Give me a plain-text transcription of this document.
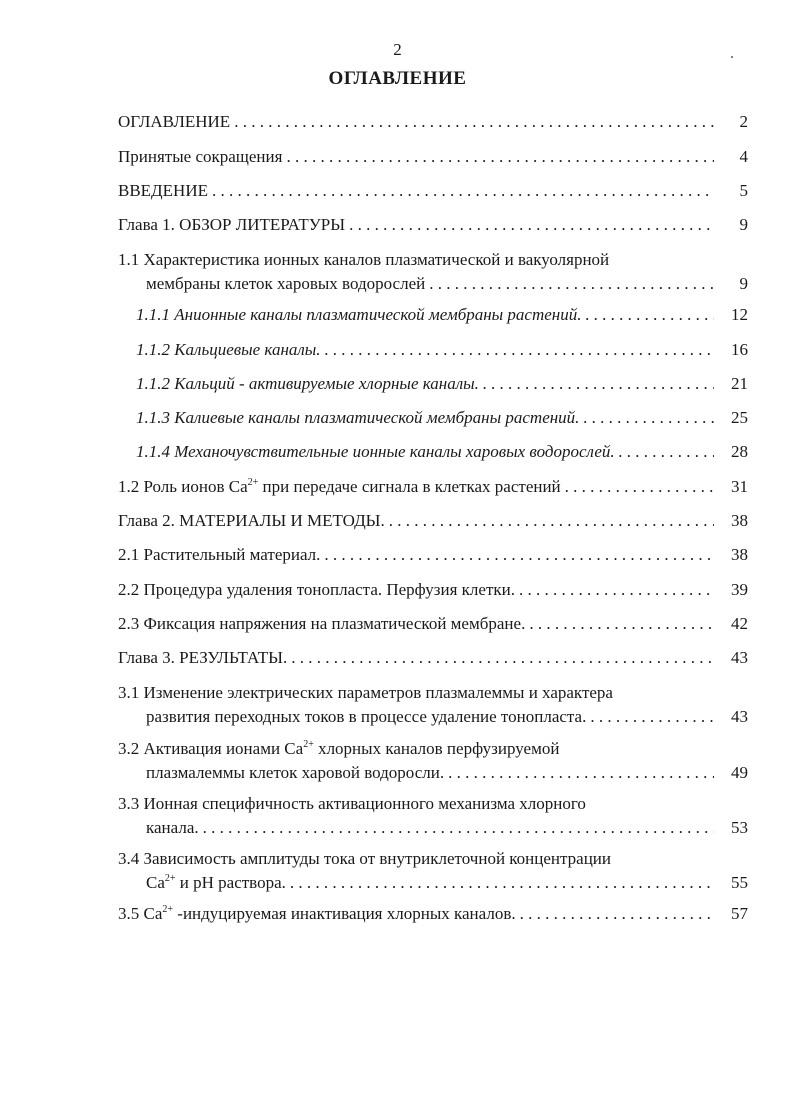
2
ОГЛАВЛЕНИЕ
ОГЛАВЛЕНИЕ . . .	2
Принятые сокращения . . .	4
ВВЕДЕНИЕ . . .	5
Глава 1. ОБЗОР ЛИТЕРАТУРЫ . . .	9
1.1 Характеристика ионных каналов плазматической и вакуолярной
мембраны клеток харовых водорослей . . .	9
1.1.1 Анионные каналы плазматической мембраны растений. . . .	12
1.1.2 Кальциевые каналы. . . .	16
1.1.2 Кальций - активируемые хлорные каналы. . . .	21
1.1.3 Калиевые каналы плазматической мембраны растений. . . .	25
1.1.4 Механочувствительные ионные каналы харовых водорослей. . . .	28
1.2 Роль ионов $Ca^{2+}$ при передаче сигнала в клетках растений . . .	31
Глава 2. МАТЕРИАЛЫ И МЕТОДЫ. . . .	38
2.1 Растительный материал. . . .	38
2.2 Процедура удаления тонопласта. Перфузия клетки. . . .	39
2.3 Фиксация напряжения на плазматической мембране. . . .	42
Глава 3. РЕЗУЛЬТАТЫ. . . .	43
3.1 Изменение электрических параметров плазмалеммы и характера
развития переходных токов в процессе удаление тонопласта. . . .	43
3.2 Активация ионами $Ca^{2+}$ хлорных каналов перфузируемой
плазмалеммы клеток харовой водоросли. . . .	49
3.3 Ионная специфичность активационного механизма хлорного
канала. . . .	53
3.4 Зависимость амплитуды тока от внутриклеточной концентрации
$Ca^{2+}$ и pH раствора. . . .	55
3.5 $Ca^{2+}$ -индуцируемая инактивация хлорных каналов. . . .	57
